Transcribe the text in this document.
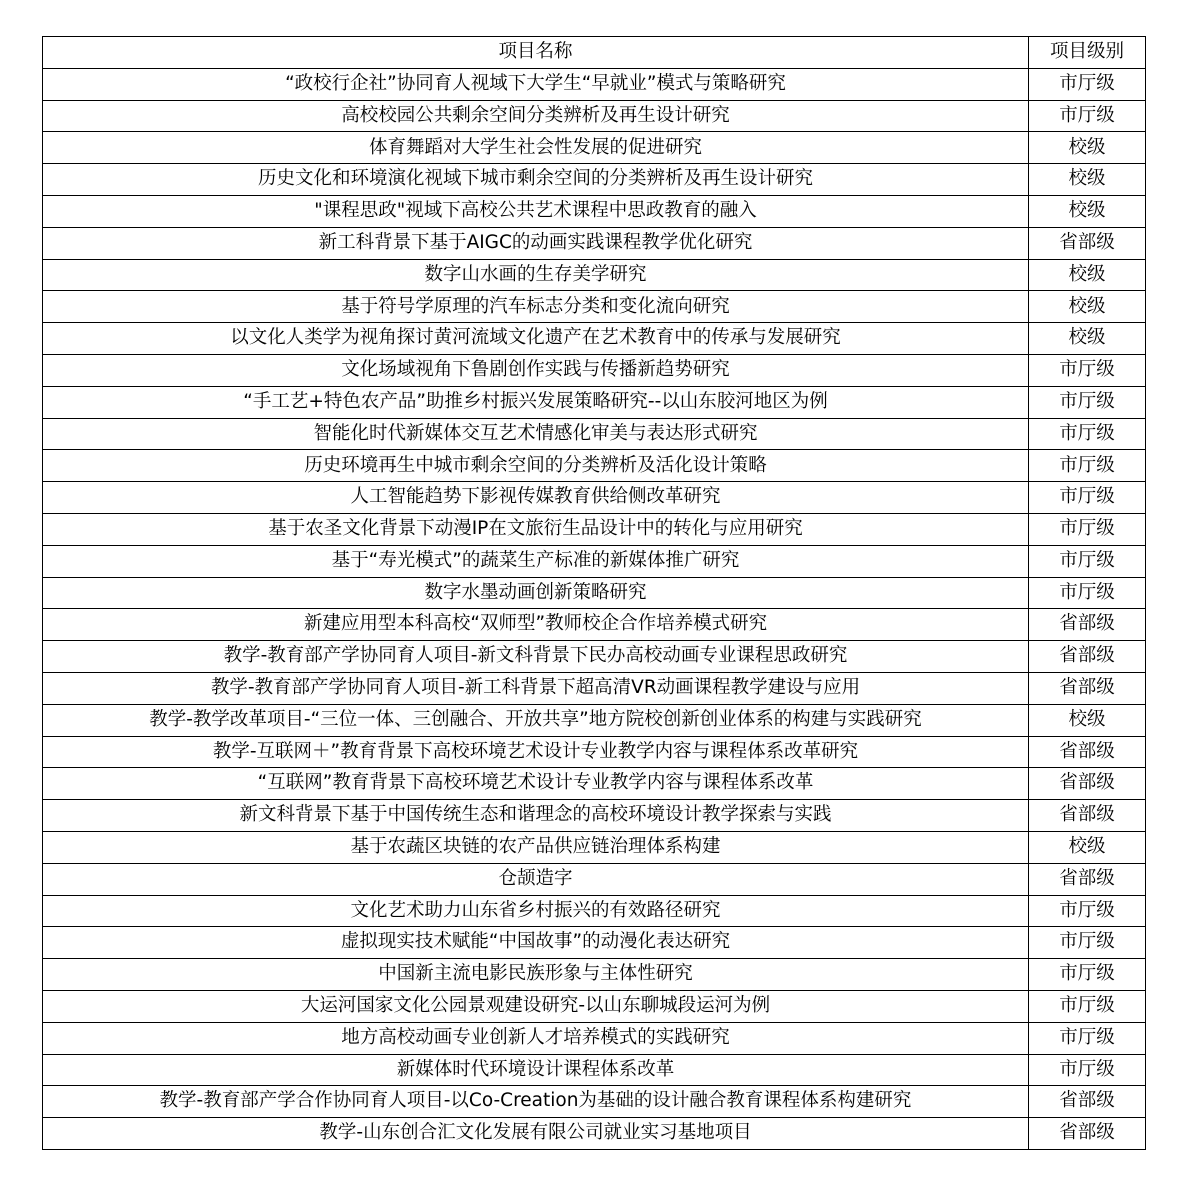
项目名称	项目级别
“政校行企社”协同育人视域下大学生“早就业”模式与策略研究	市厅级
高校校园公共剩余空间分类辨析及再生设计研究	市厅级
体育舞蹈对大学生社会性发展的促进研究	校级
历史文化和环境演化视域下城市剩余空间的分类辨析及再生设计研究	校级
"课程思政"视域下高校公共艺术课程中思政教育的融入	校级
新工科背景下基于AIGC的动画实践课程教学优化研究	省部级
数字山水画的生存美学研究	校级
基于符号学原理的汽车标志分类和变化流向研究	校级
以文化人类学为视角探讨黄河流域文化遗产在艺术教育中的传承与发展研究	校级
文化场域视角下鲁剧创作实践与传播新趋势研究	市厅级
“手工艺+特色农产品”助推乡村振兴发展策略研究--以山东胶河地区为例	市厅级
智能化时代新媒体交互艺术情感化审美与表达形式研究	市厅级
历史环境再生中城市剩余空间的分类辨析及活化设计策略	市厅级
人工智能趋势下影视传媒教育供给侧改革研究	市厅级
基于农圣文化背景下动漫IP在文旅衍生品设计中的转化与应用研究	市厅级
基于“寿光模式”的蔬菜生产标准的新媒体推广研究	市厅级
数字水墨动画创新策略研究	市厅级
新建应用型本科高校“双师型”教师校企合作培养模式研究	省部级
教学-教育部产学协同育人项目-新文科背景下民办高校动画专业课程思政研究	省部级
教学-教育部产学协同育人项目-新工科背景下超高清VR动画课程教学建设与应用	省部级
教学-教学改革项目-“三位一体、三创融合、开放共享”地方院校创新创业体系的构建与实践研究	校级
教学-互联网＋”教育背景下高校环境艺术设计专业教学内容与课程体系改革研究	省部级
“互联网”教育背景下高校环境艺术设计专业教学内容与课程体系改革	省部级
新文科背景下基于中国传统生态和谐理念的高校环境设计教学探索与实践	省部级
基于农蔬区块链的农产品供应链治理体系构建	校级
仓颉造字	省部级
文化艺术助力山东省乡村振兴的有效路径研究	市厅级
虚拟现实技术赋能“中国故事”的动漫化表达研究	市厅级
中国新主流电影民族形象与主体性研究	市厅级
大运河国家文化公园景观建设研究-以山东聊城段运河为例	市厅级
地方高校动画专业创新人才培养模式的实践研究	市厅级
新媒体时代环境设计课程体系改革	市厅级
教学-教育部产学合作协同育人项目-以Co-Creation为基础的设计融合教育课程体系构建研究	省部级
教学-山东创合汇文化发展有限公司就业实习基地项目	省部级
